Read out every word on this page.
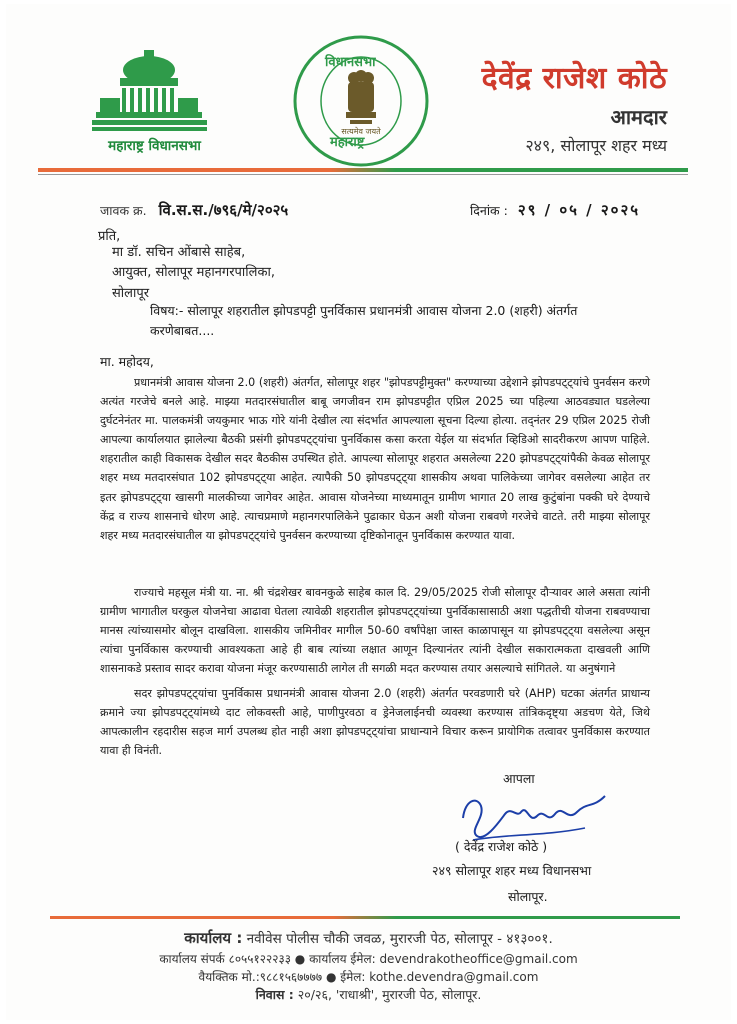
महाराष्ट्र विधानसभा
सत्यमेव जयते
विधानसभा
महाराष्ट्र
देवेंद्र राजेश कोठे
आमदार
२४९, सोलापूर शहर मध्य
जावक क्र. वि.स.स./७९६/मे/२०२५	दिनांक : २९ / ०५ / २०२५
प्रति,
मा डॉ. सचिन ओंबासे साहेब,
आयुक्त, सोलापूर महानगरपालिका,
सोलापूर
विषय:- सोलापूर शहरातील झोपडपट्टी पुनर्विकास प्रधानमंत्री आवास योजना 2.0 (शहरी) अंतर्गत करणेबाबत....
मा. महोदय,

प्रधानमंत्री आवास योजना 2.0 (शहरी) अंतर्गत, सोलापूर शहर "झोपडपट्टीमुक्त" करण्याच्या उद्देशाने झोपडपट्ट्यांचे पुनर्वसन करणे अत्यंत गरजेचे बनले आहे. माझ्या मतदारसंघातील बाबू जगजीवन राम झोपडपट्टीत एप्रिल 2025 च्या पहिल्या आठवड्यात घडलेल्या दुर्घटनेनंतर मा. पालकमंत्री जयकुमार भाऊ गोरे यांनी देखील त्या संदर्भात आपल्याला सूचना दिल्या होत्या. तद्नंतर 29 एप्रिल 2025 रोजी आपल्या कार्यालयात झालेल्या बैठकी प्रसंगी झोपडपट्ट्यांचा पुनर्विकास कसा करता येईल या संदर्भात व्हिडिओ सादरीकरण आपण पाहिले. शहरातील काही विकासक देखील सदर बैठकीस उपस्थित होते. आपल्या सोलापूर शहरात असलेल्या 220 झोपडपट्ट्यांपैकी केवळ सोलापूर शहर मध्य मतदारसंघात 102 झोपडपट्ट्या आहेत. त्यापैकी 50 झोपडपट्ट्या शासकीय अथवा पालिकेच्या जागेवर वसलेल्या आहेत तर इतर झोपडपट्ट्या खासगी मालकीच्या जागेवर आहेत. आवास योजनेच्या माध्यमातून ग्रामीण भागात 20 लाख कुटुंबांना पक्की घरे देण्याचे केंद्र व राज्य शासनाचे धोरण आहे. त्याचप्रमाणे महानगरपालिकेने पुढाकार घेऊन अशी योजना राबवणे गरजेचे वाटते. तरी माझ्या सोलापूर शहर मध्य मतदारसंघातील या झोपडपट्ट्यांचे पुनर्वसन करण्याच्या दृष्टिकोनातून पुनर्विकास करण्यात यावा.

राज्याचे महसूल मंत्री या. ना. श्री चंद्रशेखर बावनकुळे साहेब काल दि. 29/05/2025 रोजी सोलापूर दौऱ्यावर आले असता त्यांनी ग्रामीण भागातील घरकुल योजनेचा आढावा घेतला त्यावेळी शहरातील झोपडपट्ट्यांच्या पुनर्विकासासाठी अशा पद्धतीची योजना राबवण्याचा मानस त्यांच्यासमोर बोलून दाखविला. शासकीय जमिनीवर मागील 50-60 वर्षांपेक्षा जास्त काळापासून या झोपडपट्ट्या वसलेल्या असून त्यांचा पुनर्विकास करण्याची आवश्यकता आहे ही बाब त्यांच्या लक्षात आणून दिल्यानंतर त्यांनी देखील सकारात्मकता दाखवली आणि शासनाकडे प्रस्ताव सादर करावा योजना मंजूर करण्यासाठी लागेल ती सगळी मदत करण्यास तयार असल्याचे सांगितले. या अनुषंगाने

सदर झोपडपट्ट्यांचा पुनर्विकास प्रधानमंत्री आवास योजना 2.0 (शहरी) अंतर्गत परवडणारी घरे (AHP) घटका अंतर्गत प्राधान्य क्रमाने ज्या झोपडपट्ट्यांमध्ये दाट लोकवस्ती आहे, पाणीपुरवठा व ड्रेनेजलाईनची व्यवस्था करण्यास तांत्रिकदृष्ट्या अडचण येते, जिथे आपत्कालीन रहदारीस सहज मार्ग उपलब्ध होत नाही अशा झोपडपट्ट्यांचा प्राधान्याने विचार करून प्रायोगिक तत्वावर पुनर्विकास करण्यात यावा ही विनंती.

आपला
( देवेंद्र राजेश कोठे )
२४९ सोलापूर शहर मध्य विधानसभा
सोलापूर.
कार्यालय : नवीवेस पोलीस चौकी जवळ, मुरारजी पेठ, सोलापूर - ४१३००१.
कार्यालय संपर्क ८०५५१२२२३३ ● कार्यालय ईमेल: devendrakotheoffice@gmail.com
वैयक्तिक मो.:९८८१५६७७७७ ● ईमेल: kothe.devendra@gmail.com
निवास : २०/२६, 'राधाश्री', मुरारजी पेठ, सोलापूर.
